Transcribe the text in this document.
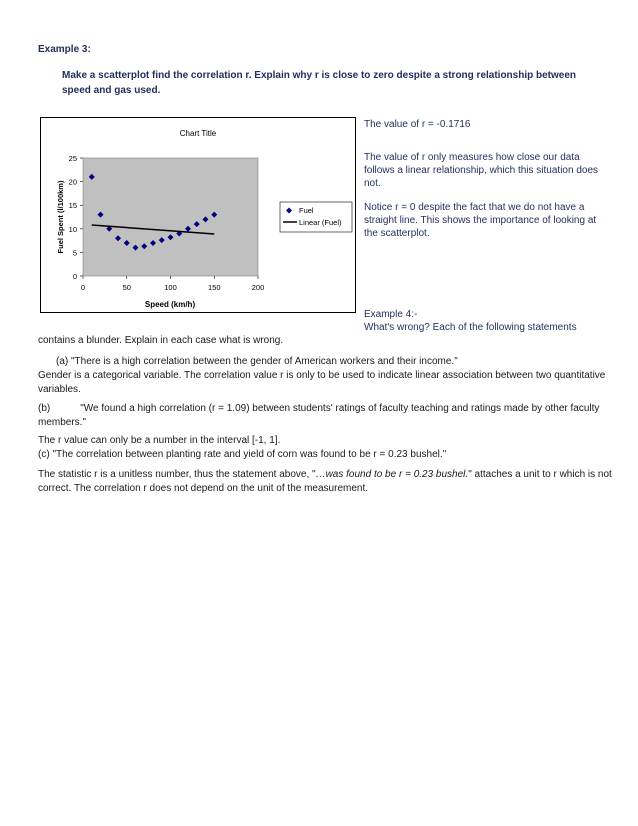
Example 3:
Make a scatterplot find the correlation r. Explain why r is close to zero despite a strong relationship between speed and gas used.
Chart Title
0
5
10
15
20
25
0	50	100	150	200
Speed (km/h)
Fuel Spent (l/100km)	Fuel
Linear (Fuel)
The value of r = -0.1716
The value of r only measures how close our data follows a linear relationship, which this situation does not.
Notice r = 0 despite the fact that we do not have a straight line. This shows the importance of looking at the scatterplot.
Example 4:-
What's wrong? Each of the following statements
contains a blunder. Explain in each case what is wrong.
(a) "There is a high correlation between the gender of American workers and their income."
Gender is a categorical variable. The correlation value r is only to be used to indicate linear association between two quantitative variables.
(b)	"We found a high correlation (r = 1.09) between students' ratings of faculty teaching and ratings made by other faculty members."
The r value can only be a number in the interval [-1, 1].
(c) "The correlation between planting rate and yield of corn was found to be r = 0.23 bushel."
The statistic r is a unitless number, thus the statement above, "…was found to be r = 0.23 bushel." attaches a unit to r which is not correct. The correlation r does not depend on the unit of the measurement.
